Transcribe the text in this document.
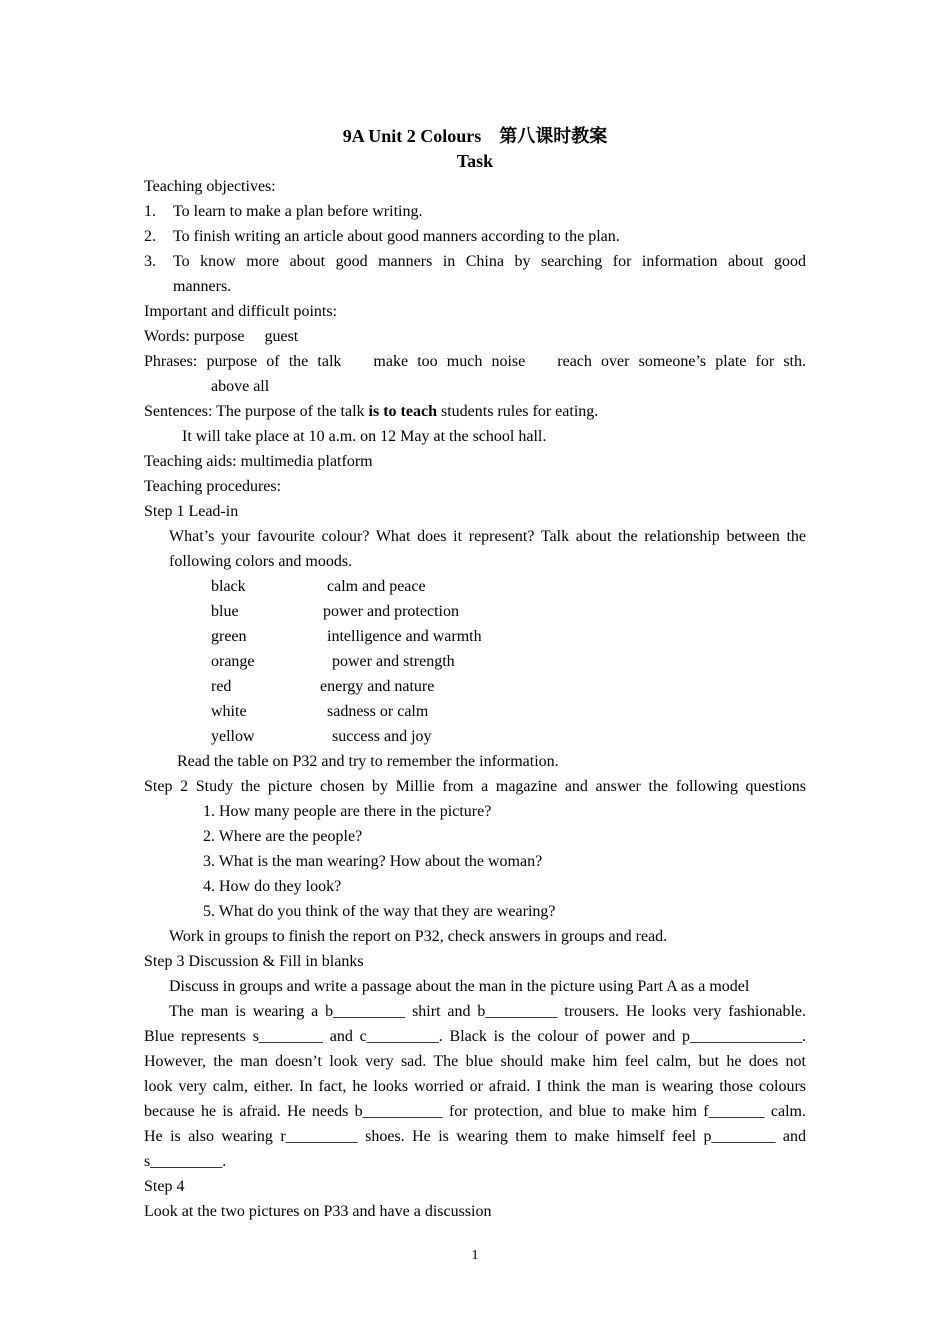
9A Unit 2 Colours　第八课时教案
Task
Teaching objectives:
1. To learn to make a plan before writing.
2. To finish writing an article about good manners according to the plan.
3.	To know more about good manners in China by searching for information about good
manners.
Important and difficult points:
Words: purpose  guest
Phrases: purpose of the talk  make too much noise  reach over someone’s plate for sth.
above all
Sentences: The purpose of the talk is to teach students rules for eating.
It will take place at 10 a.m. on 12 May at the school hall.
Teaching aids: multimedia platform
Teaching procedures:
Step 1 Lead-in
What’s your favourite colour? What does it represent? Talk about the relationship between the
following colors and moods.
black	calm and peace
blue	power and protection
green	intelligence and warmth
orange	power and strength
red	energy and nature
white	sadness or calm
yellow	success and joy
Read the table on P32 and try to remember the information.
Step 2 Study the picture chosen by Millie from a magazine and answer the following questions
1. How many people are there in the picture?
2. Where are the people?
3. What is the man wearing? How about the woman?
4. How do they look?
5. What do you think of the way that they are wearing?
Work in groups to finish the report on P32, check answers in groups and read.
Step 3 Discussion & Fill in blanks
Discuss in groups and write a passage about the man in the picture using Part A as a model
The man is wearing a b_________ shirt and b_________ trousers. He looks very fashionable.
Blue represents s________ and c_________. Black is the colour of power and p______________.
However, the man doesn’t look very sad. The blue should make him feel calm, but he does not
look very calm, either. In fact, he looks worried or afraid. I think the man is wearing those colours
because he is afraid. He needs b__________ for protection, and blue to make him f_______ calm.
He is also wearing r_________ shoes. He is wearing them to make himself feel p________ and
s_________.
Step 4
Look at the two pictures on P33 and have a discussion
1
